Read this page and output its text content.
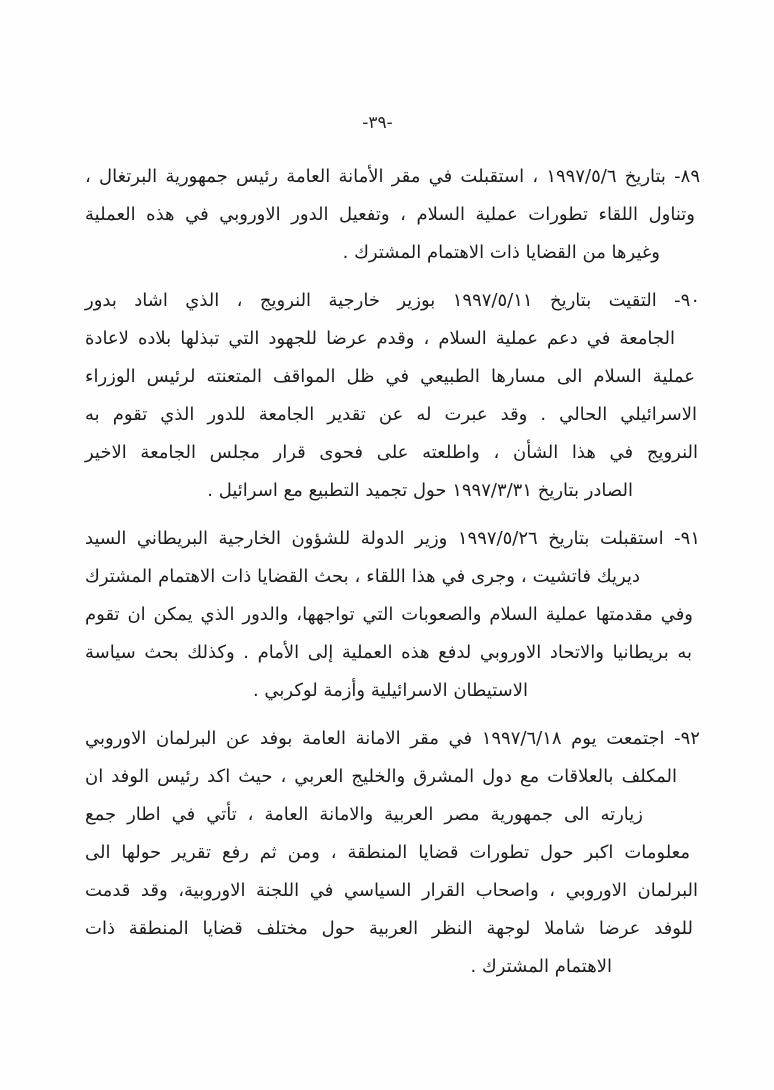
-٣٩-
٨٩- بتاريخ ١٩٩٧/٥/٦ ، استقبلت في مقر الأمانة العامة رئيس جمهورية البرتغال ،
وتناول اللقاء تطورات عملية السلام ، وتفعيل الدور الاوروبي في هذه العملية
وغيرها من القضايا ذات الاهتمام المشترك .
٩٠- التقيت بتاريخ ١٩٩٧/٥/١١ بوزير خارجية النرويج ، الذي اشاد بدور
الجامعة في دعم عملية السلام ، وقدم عرضا للجهود التي تبذلها بلاده لاعادة
عملية السلام الى مسارها الطبيعي في ظل المواقف المتعنته لرئيس الوزراء
الاسرائيلي الحالي . وقد عبرت له عن تقدير الجامعة للدور الذي تقوم به
النرويج في هذا الشأن ، واطلعته على فحوى قرار مجلس الجامعة الاخير
الصادر بتاريخ ١٩٩٧/٣/٣١ حول تجميد التطبيع مع اسرائيل .
٩١- استقبلت بتاريخ ١٩٩٧/٥/٢٦ وزير الدولة للشؤون الخارجية البريطاني السيد
ديريك فاتشيت ، وجرى في هذا اللقاء ، بحث القضايا ذات الاهتمام المشترك
وفي مقدمتها عملية السلام والصعوبات التي تواجهها، والدور الذي يمكن ان تقوم
به بريطانيا والاتحاد الاوروبي لدفع هذه العملية إلى الأمام . وكذلك بحث سياسة
الاستيطان الاسرائيلية وأزمة لوكربي .
٩٢- اجتمعت يوم ١٩٩٧/٦/١٨ في مقر الامانة العامة بوفد عن البرلمان الاوروبي
المكلف بالعلاقات مع دول المشرق والخليج العربي ، حيث اكد رئيس الوفد ان
زيارته الى جمهورية مصر العربية والامانة العامة ، تأتي في اطار جمع
معلومات اكبر حول تطورات قضايا المنطقة ، ومن ثم رفع تقرير حولها الى
البرلمان الاوروبي ، واصحاب القرار السياسي في اللجنة الاوروبية، وقد قدمت
للوفد عرضا شاملا لوجهة النظر العربية حول مختلف قضايا المنطقة ذات
الاهتمام المشترك .
